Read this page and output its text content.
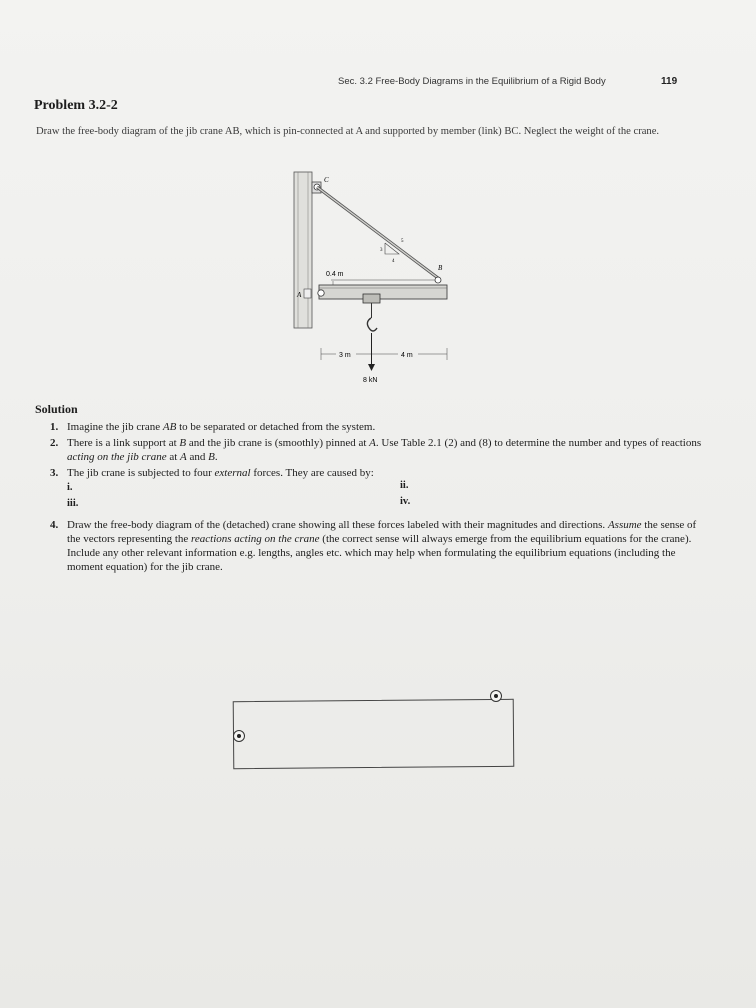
Sec. 3.2 Free-Body Diagrams in the Equilibrium of a Rigid Body	119
Problem 3.2-2
Draw the free-body diagram of the jib crane AB, which is pin-connected at A and supported by member (link) BC. Neglect the weight of the crane.
C
5
3
4
B
0.4 m
A
3 m	4 m
8 kN
Solution
1. Imagine the jib crane AB to be separated or detached from the system.
2. There is a link support at B and the jib crane is (smoothly) pinned at A. Use Table 2.1 (2) and (8) to determine the number and types of reactions acting on the jib crane at A and B.
3. The jib crane is subjected to four external forces. They are caused by:
i.	ii.
iii.	iv.
4. Draw the free-body diagram of the (detached) crane showing all these forces labeled with their magnitudes and directions. Assume the sense of the vectors representing the reactions acting on the crane (the correct sense will always emerge from the equilibrium equations for the crane). Include any other relevant information e.g. lengths, angles etc. which may help when formulating the equilibrium equations (including the moment equation) for the jib crane.
